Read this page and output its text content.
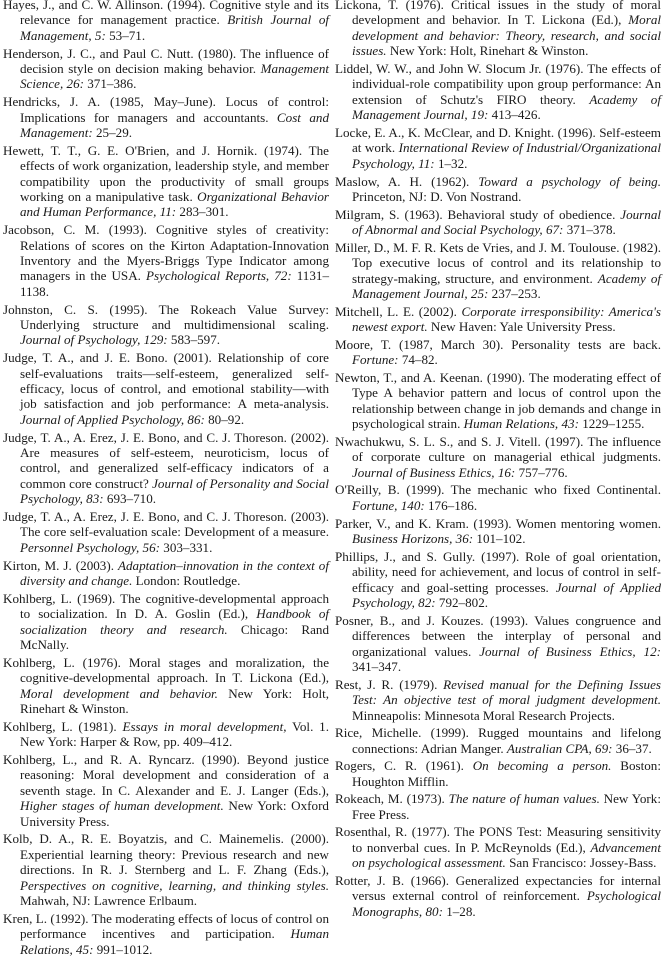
Hayes, J., and C. W. Allinson. (1994). Cognitive style and its relevance for management practice. British Journal of Management, 5: 53–71.

Henderson, J. C., and Paul C. Nutt. (1980). The influence of decision style on decision making behavior. Management Science, 26: 371–386.

Hendricks, J. A. (1985, May–June). Locus of control: Implications for managers and accountants. Cost and Management: 25–29.

Hewett, T. T., G. E. O'Brien, and J. Hornik. (1974). The effects of work organization, leadership style, and member compatibility upon the productivity of small groups working on a manipulative task. Organizational Behavior and Human Performance, 11: 283–301.

Jacobson, C. M. (1993). Cognitive styles of creativity: Relations of scores on the Kirton Adaptation-Innovation Inventory and the Myers-Briggs Type Indicator among managers in the USA. Psychological Reports, 72: 1131–1138.

Johnston, C. S. (1995). The Rokeach Value Survey: Underlying structure and multidimensional scaling. Journal of Psychology, 129: 583–597.

Judge, T. A., and J. E. Bono. (2001). Relationship of core self-evaluations traits—self-esteem, generalized self-efficacy, locus of control, and emotional stability—with job satisfaction and job performance: A meta-analysis. Journal of Applied Psychology, 86: 80–92.

Judge, T. A., A. Erez, J. E. Bono, and C. J. Thoreson. (2002). Are measures of self-esteem, neuroticism, locus of control, and generalized self-efficacy indicators of a common core construct? Journal of Personality and Social Psychology, 83: 693–710.

Judge, T. A., A. Erez, J. E. Bono, and C. J. Thoreson. (2003). The core self-evaluation scale: Development of a measure. Personnel Psychology, 56: 303–331.

Kirton, M. J. (2003). Adaptation–innovation in the context of diversity and change. London: Routledge.

Kohlberg, L. (1969). The cognitive-developmental approach to socialization. In D. A. Goslin (Ed.), Handbook of socialization theory and research. Chicago: Rand McNally.

Kohlberg, L. (1976). Moral stages and moralization, the cognitive-developmental approach. In T. Lickona (Ed.), Moral development and behavior. New York: Holt, Rinehart & Winston.

Kohlberg, L. (1981). Essays in moral development, Vol. 1. New York: Harper & Row, pp. 409–412.

Kohlberg, L., and R. A. Ryncarz. (1990). Beyond justice reasoning: Moral development and consideration of a seventh stage. In C. Alexander and E. J. Langer (Eds.), Higher stages of human development. New York: Oxford University Press.

Kolb, D. A., R. E. Boyatzis, and C. Mainemelis. (2000). Experiential learning theory: Previous research and new directions. In R. J. Sternberg and L. F. Zhang (Eds.), Perspectives on cognitive, learning, and thinking styles. Mahwah, NJ: Lawrence Erlbaum.

Kren, L. (1992). The moderating effects of locus of control on performance incentives and participation. Human Relations, 45: 991–1012.

Lickona, T. (1976). Critical issues in the study of moral development and behavior. In T. Lickona (Ed.), Moral development and behavior: Theory, research, and social issues. New York: Holt, Rinehart & Winston.

Liddel, W. W., and John W. Slocum Jr. (1976). The effects of individual-role compatibility upon group performance: An extension of Schutz's FIRO theory. Academy of Management Journal, 19: 413–426.

Locke, E. A., K. McClear, and D. Knight. (1996). Self-esteem at work. International Review of Industrial/Organizational Psychology, 11: 1–32.

Maslow, A. H. (1962). Toward a psychology of being. Princeton, NJ: D. Von Nostrand.

Milgram, S. (1963). Behavioral study of obedience. Journal of Abnormal and Social Psychology, 67: 371–378.

Miller, D., M. F. R. Kets de Vries, and J. M. Toulouse. (1982). Top executive locus of control and its relationship to strategy-making, structure, and environment. Academy of Management Journal, 25: 237–253.

Mitchell, L. E. (2002). Corporate irresponsibility: America's newest export. New Haven: Yale University Press.

Moore, T. (1987, March 30). Personality tests are back. Fortune: 74–82.

Newton, T., and A. Keenan. (1990). The moderating effect of Type A behavior pattern and locus of control upon the relationship between change in job demands and change in psychological strain. Human Relations, 43: 1229–1255.

Nwachukwu, S. L. S., and S. J. Vitell. (1997). The influence of corporate culture on managerial ethical judgments. Journal of Business Ethics, 16: 757–776.

O'Reilly, B. (1999). The mechanic who fixed Continental. Fortune, 140: 176–186.

Parker, V., and K. Kram. (1993). Women mentoring women. Business Horizons, 36: 101–102.

Phillips, J., and S. Gully. (1997). Role of goal orientation, ability, need for achievement, and locus of control in self-efficacy and goal-setting processes. Journal of Applied Psychology, 82: 792–802.

Posner, B., and J. Kouzes. (1993). Values congruence and differences between the interplay of personal and organizational values. Journal of Business Ethics, 12: 341–347.

Rest, J. R. (1979). Revised manual for the Defining Issues Test: An objective test of moral judgment development. Minneapolis: Minnesota Moral Research Projects.

Rice, Michelle. (1999). Rugged mountains and lifelong connections: Adrian Manger. Australian CPA, 69: 36–37.

Rogers, C. R. (1961). On becoming a person. Boston: Houghton Mifflin.

Rokeach, M. (1973). The nature of human values. New York: Free Press.

Rosenthal, R. (1977). The PONS Test: Measuring sensitivity to nonverbal cues. In P. McReynolds (Ed.), Advancement on psychological assessment. San Francisco: Jossey-Bass.

Rotter, J. B. (1966). Generalized expectancies for internal versus external control of reinforcement. Psychological Monographs, 80: 1–28.
